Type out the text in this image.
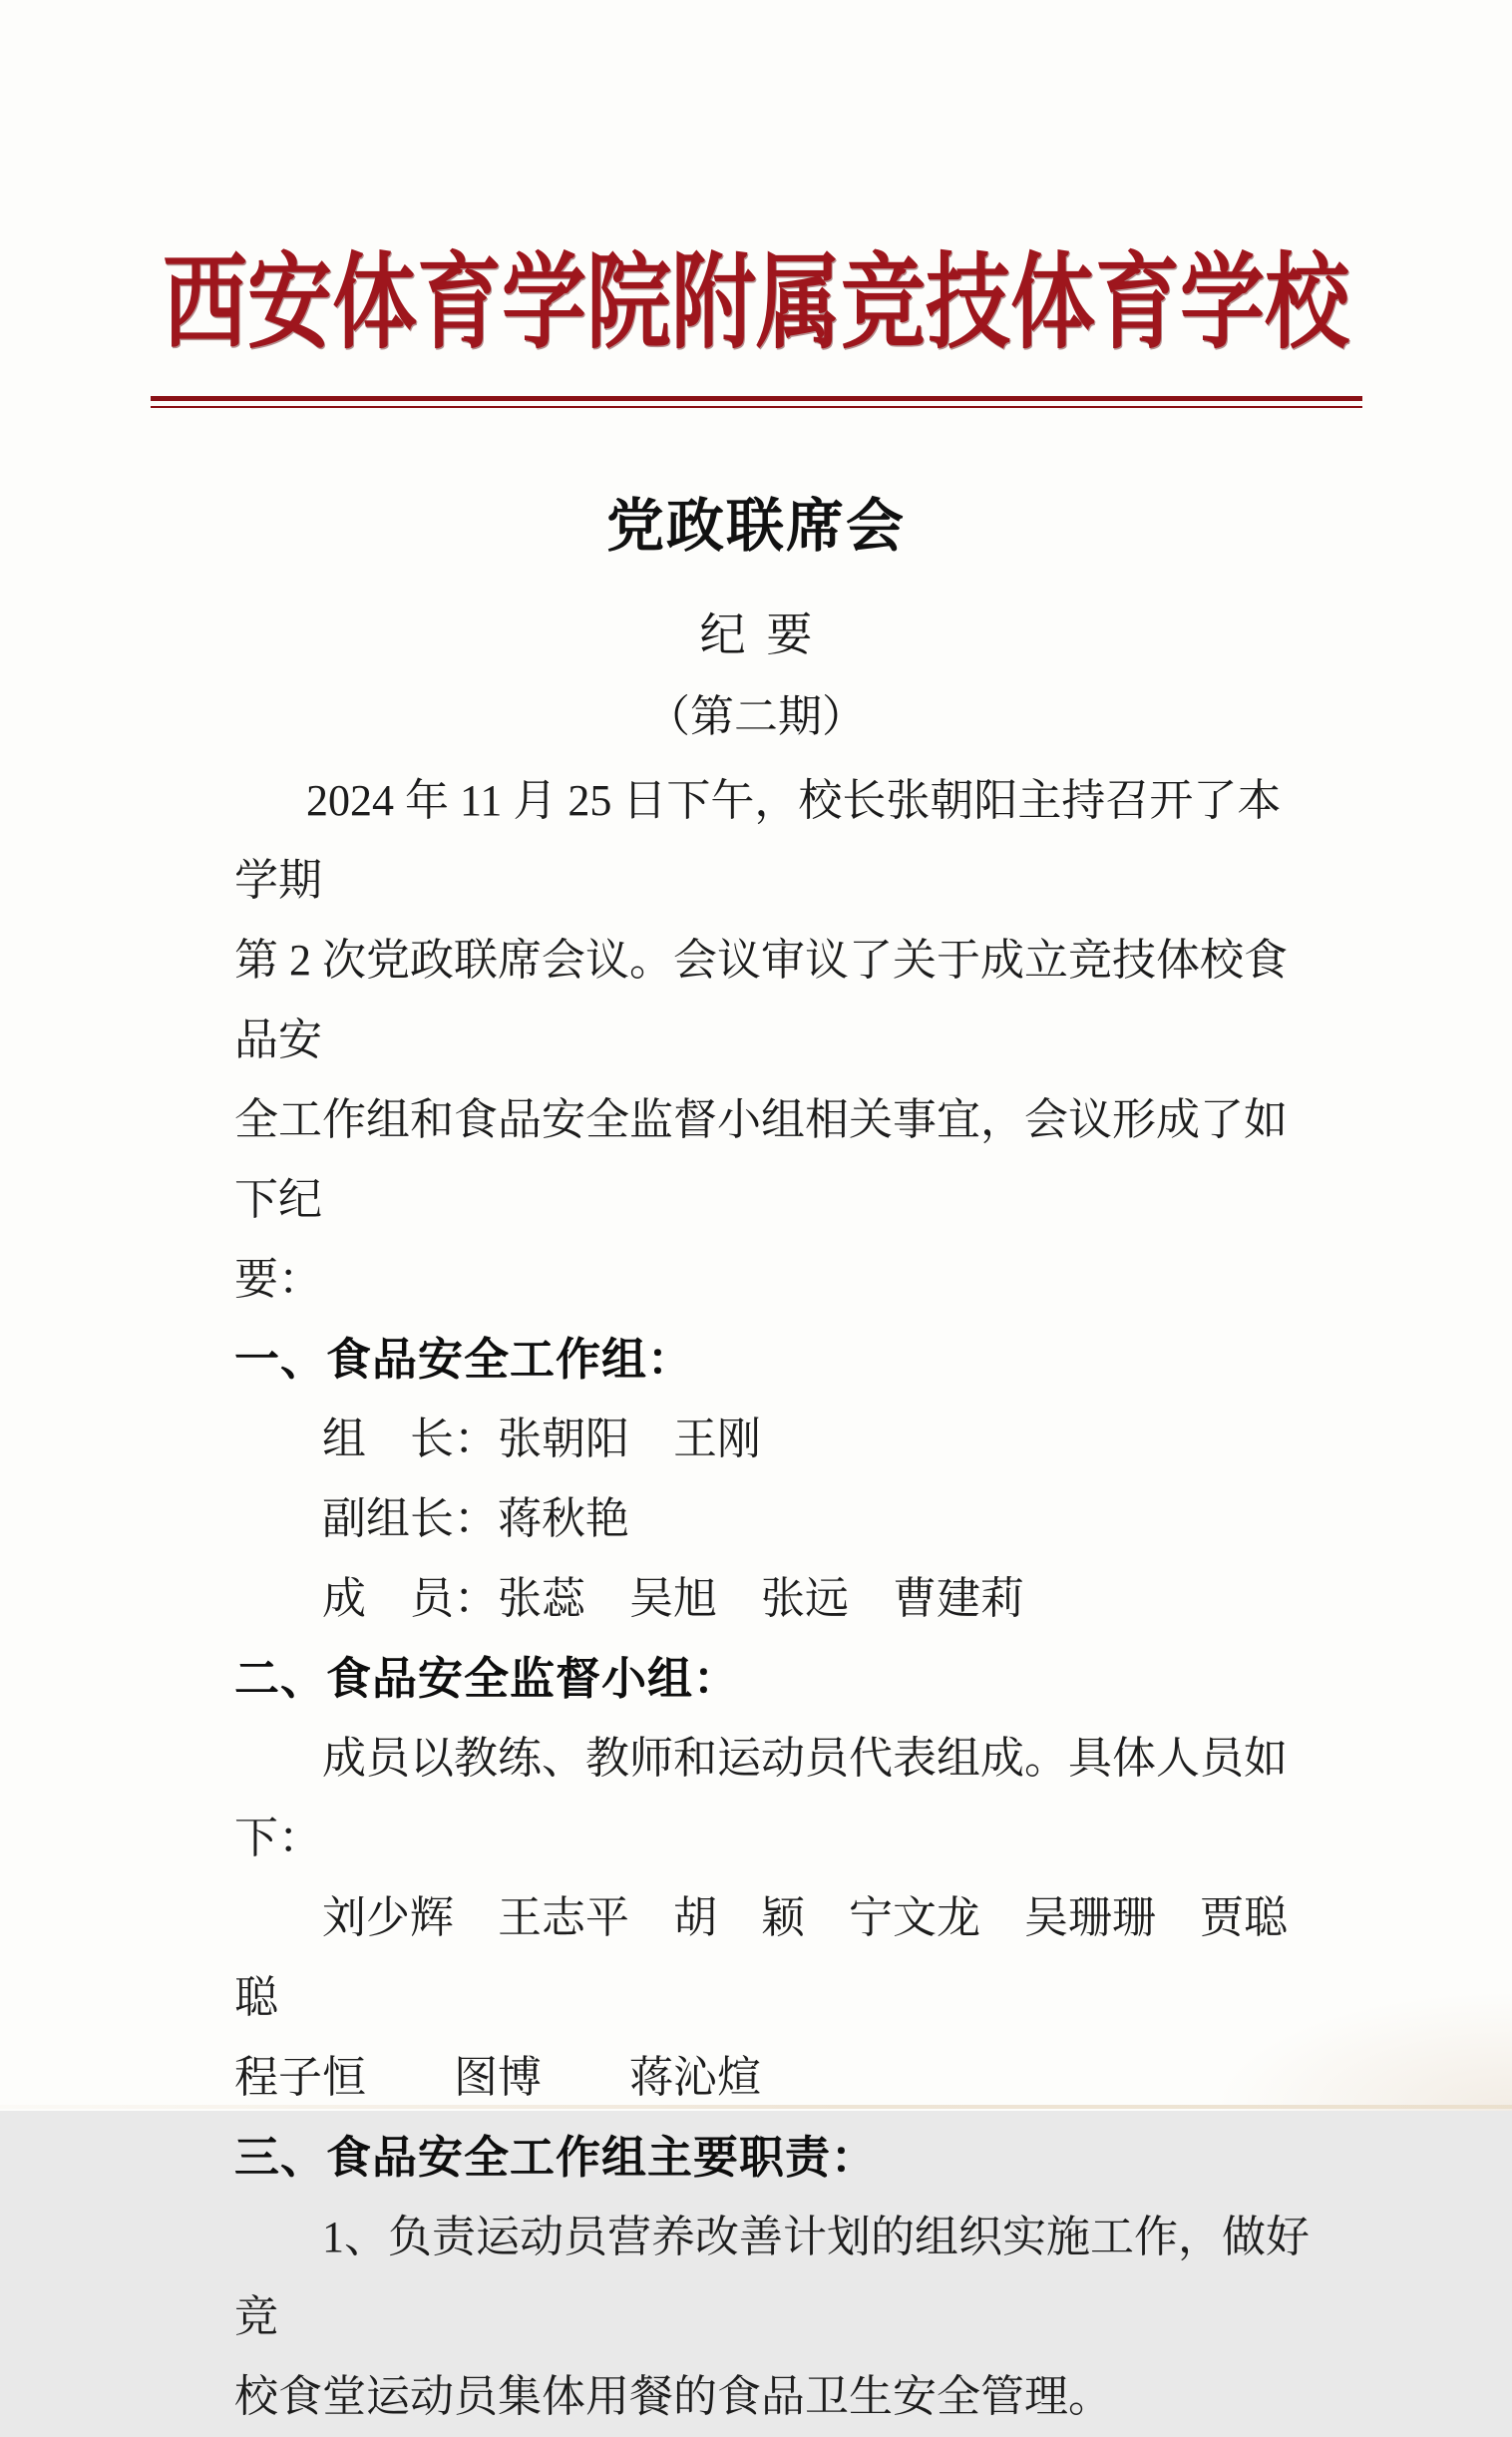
西安体育学院附属竞技体育学校
党政联席会
纪要
（第二期）
2024 年 11 月 25 日下午，校长张朝阳主持召开了本学期
第 2 次党政联席会议。会议审议了关于成立竞技体校食品安
全工作组和食品安全监督小组相关事宜，会议形成了如下纪
要：
一、食品安全工作组：
组　长：张朝阳　王刚
副组长：蒋秋艳
成　员：张蕊　吴旭　张远　曹建莉
二、食品安全监督小组：
成员以教练、教师和运动员代表组成。具体人员如下：
刘少辉　王志平　胡　颖　宁文龙　吴珊珊　贾聪聪
程子恒　　图博　　蒋沁煊
三、食品安全工作组主要职责：
1、负责运动员营养改善计划的组织实施工作，做好竞
校食堂运动员集体用餐的食品卫生安全管理。
